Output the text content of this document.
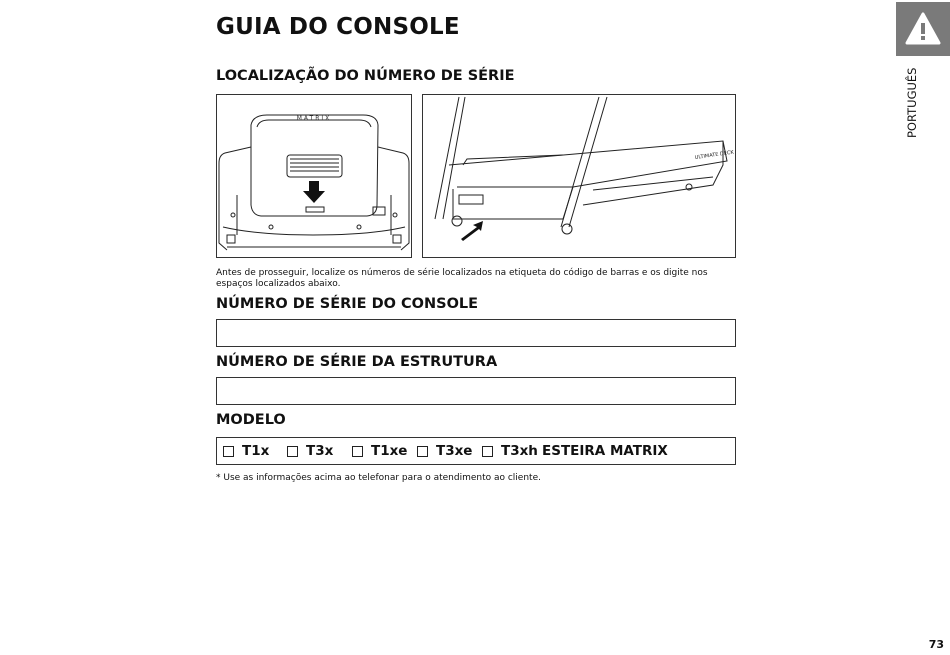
PORTUGUÊS
GUIA DO CONSOLE
LOCALIZAÇÃO DO NÚMERO DE SÉRIE
MATRIX
ULTIMATE DECK
Antes de prosseguir, localize os números de série localizados na etiqueta do código de barras e os digite nos espaços localizados abaixo.
NÚMERO DE SÉRIE DO CONSOLE
NÚMERO DE SÉRIE DA ESTRUTURA
MODELO
T1x	T3x	T1xe T3xe T3xh ESTEIRA MATRIX
* Use as informações acima ao telefonar para o atendimento ao cliente.
73
